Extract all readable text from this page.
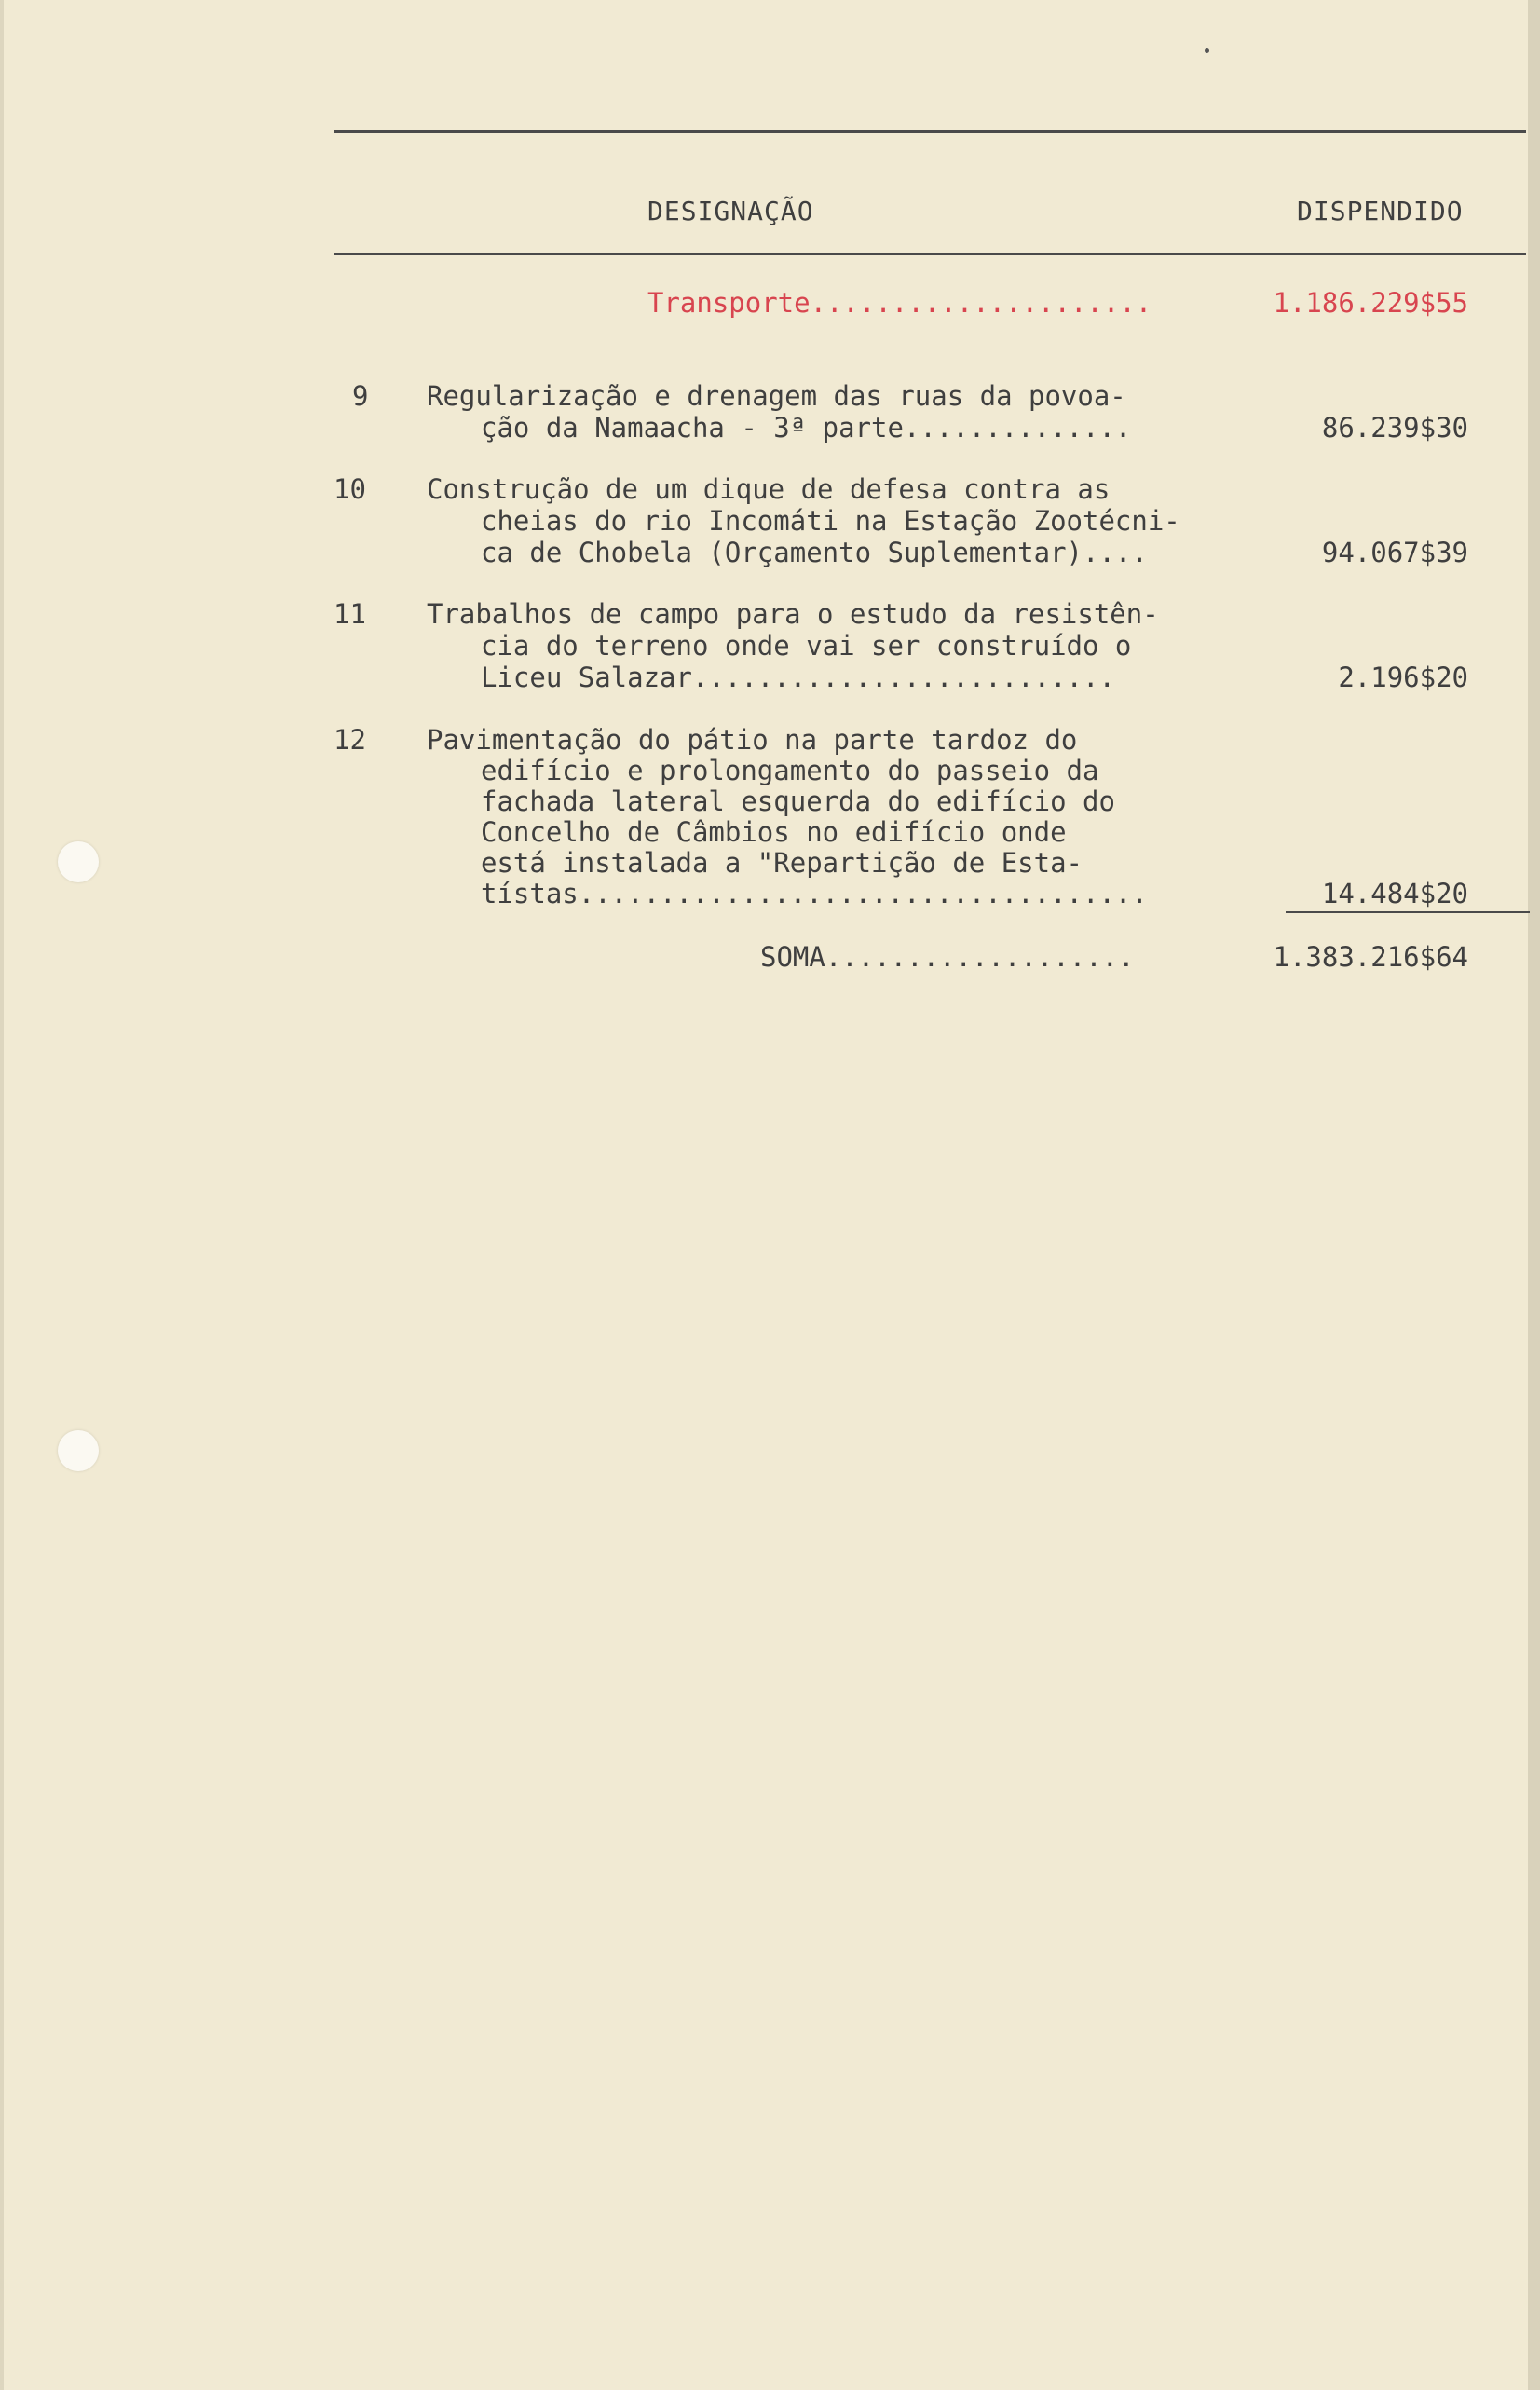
DESIGNAÇÃO	DISPENDIDO
Transporte.....................	1.186.229$55
9 Regularização e drenagem das ruas da povoa-
ção da Namaacha - 3ª parte..............	86.239$30
10 Construção de um dique de defesa contra as
cheias do rio Incomáti na Estação Zootécni-
ca de Chobela (Orçamento Suplementar)....	94.067$39
11 Trabalhos de campo para o estudo da resistên-
cia do terreno onde vai ser construído o
Liceu Salazar..........................	2.196$20
12 Pavimentação do pátio na parte tardoz do
edifício e prolongamento do passeio da
fachada lateral esquerda do edifício do
Concelho de Câmbios no edifício onde
está instalada a "Repartição de Esta-
tístas...................................	14.484$20
SOMA...................	1.383.216$64
